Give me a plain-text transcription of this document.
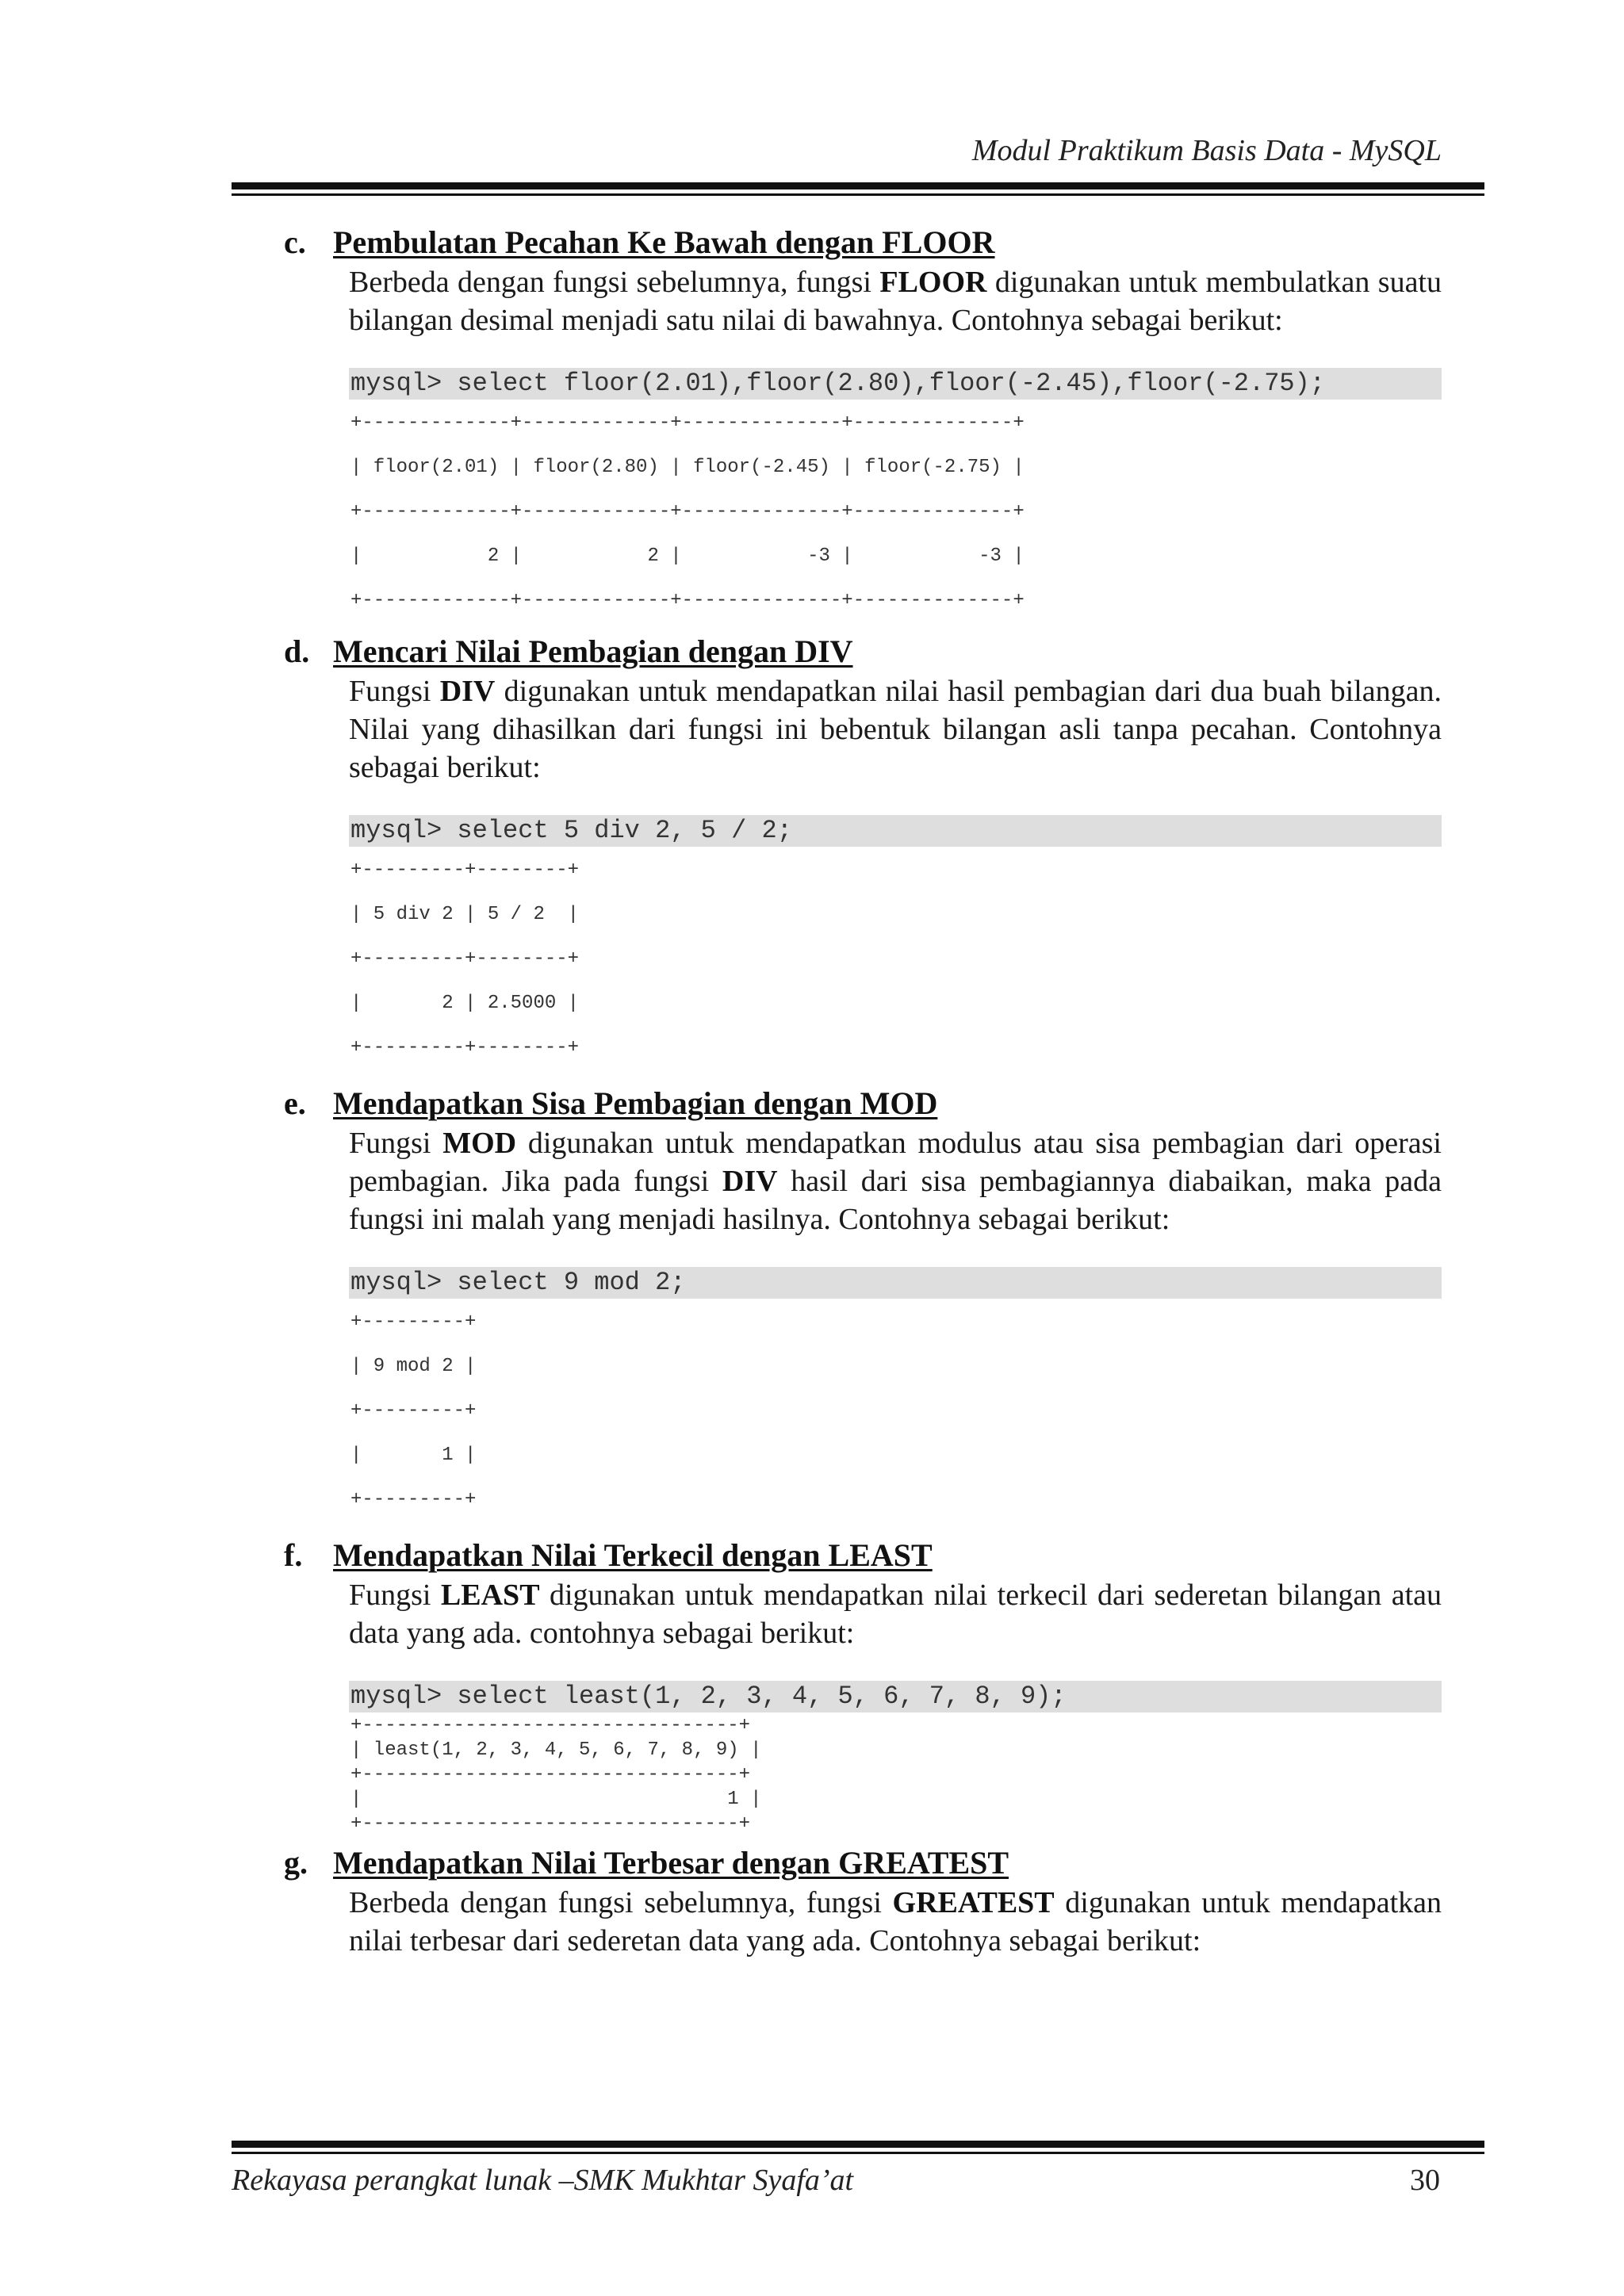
Modul Praktikum Basis Data - MySQL
c. Pembulatan Pecahan Ke Bawah dengan FLOOR
Berbeda dengan fungsi sebelumnya, fungsi FLOOR digunakan untuk membulatkan suatu bilangan desimal menjadi satu nilai di bawahnya. Contohnya sebagai berikut:
mysql> select floor(2.01),floor(2.80),floor(-2.45),floor(-2.75);
+-------------+-------------+--------------+--------------+
| floor(2.01) | floor(2.80) | floor(-2.45) | floor(-2.75) |
+-------------+-------------+--------------+--------------+
|           2 |           2 |           -3 |           -3 |
+-------------+-------------+--------------+--------------+
d. Mencari Nilai Pembagian dengan DIV
Fungsi DIV digunakan untuk mendapatkan nilai hasil pembagian dari dua buah bilangan. Nilai yang dihasilkan dari fungsi ini bebentuk bilangan asli tanpa pecahan. Contohnya sebagai berikut:
mysql> select 5 div 2, 5 / 2;
+---------+--------+
| 5 div 2 | 5 / 2  |
+---------+--------+
|       2 | 2.5000 |
+---------+--------+
e. Mendapatkan Sisa Pembagian dengan MOD
Fungsi MOD digunakan untuk mendapatkan modulus atau sisa pembagian dari operasi pembagian. Jika pada fungsi DIV hasil dari sisa pembagiannya diabaikan, maka pada fungsi ini malah yang menjadi hasilnya. Contohnya sebagai berikut:
mysql> select 9 mod 2;
+---------+
| 9 mod 2 |
+---------+
|       1 |
+---------+
f. Mendapatkan Nilai Terkecil dengan LEAST
Fungsi LEAST digunakan untuk mendapatkan nilai terkecil dari sederetan bilangan atau data yang ada. contohnya sebagai berikut:
mysql> select least(1, 2, 3, 4, 5, 6, 7, 8, 9);
+---------------------------------+
| least(1, 2, 3, 4, 5, 6, 7, 8, 9) |
+---------------------------------+
|                                1 |
+---------------------------------+
g. Mendapatkan Nilai Terbesar dengan GREATEST
Berbeda dengan fungsi sebelumnya, fungsi GREATEST digunakan untuk mendapatkan nilai terbesar dari sederetan data yang ada. Contohnya sebagai berikut:
Rekayasa perangkat lunak –SMK Mukhtar Syafa’at	30
